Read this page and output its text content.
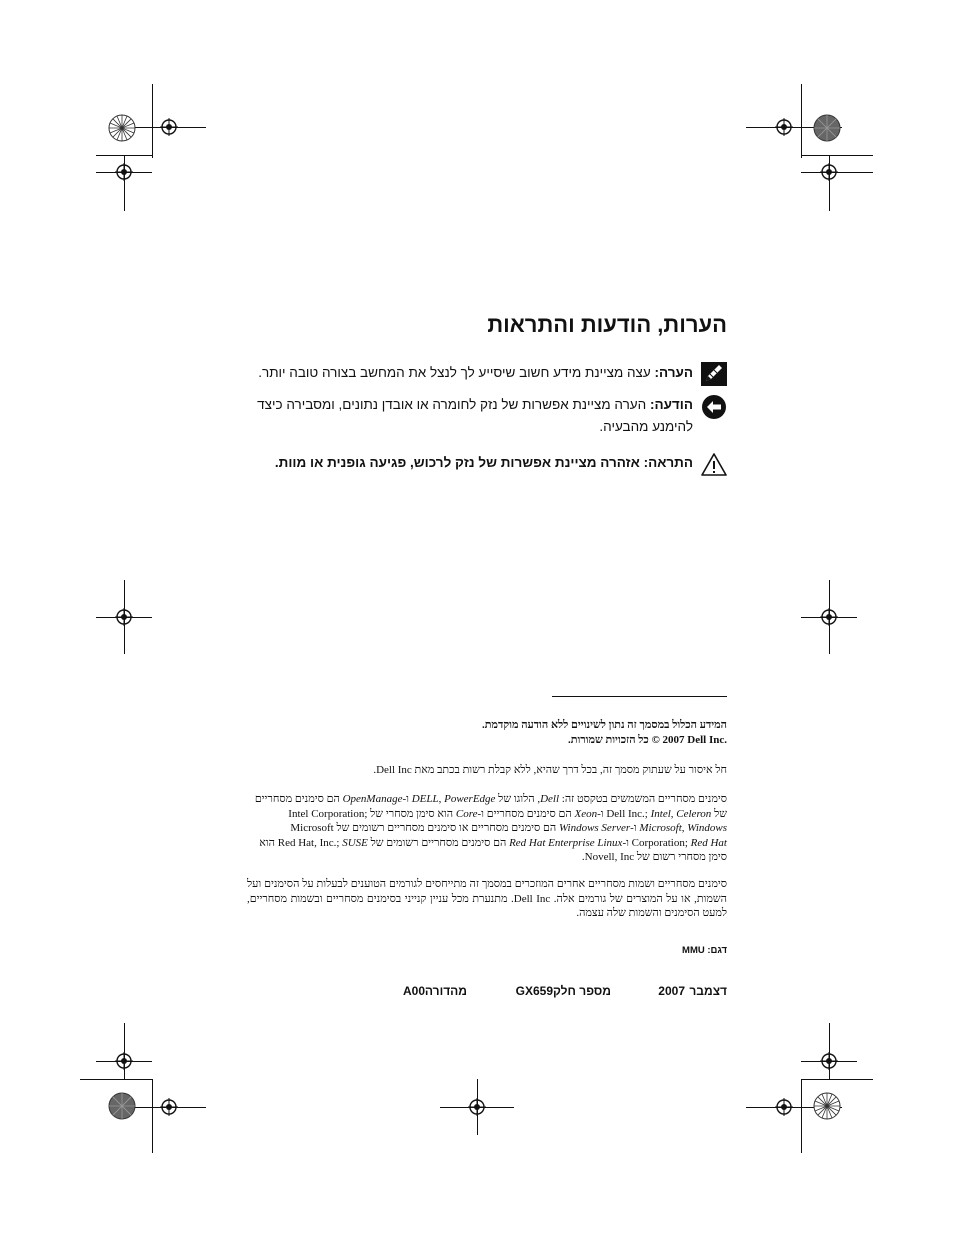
הערות, הודעות והתראות
הערה: עצה מציינת מידע חשוב שיסייע לך לנצל את המחשב בצורה טובה יותר.
הודעה: הערה מציינת אפשרות של נזק לחומרה או אובדן נתונים, ומסבירה כיצד להימנע מהבעיה.
התראה: אזהרה מציינת אפשרות של נזק לרכוש, פגיעה גופנית או מוות.
המידע הכלול במסמך זה נתון לשינויים ללא הודעה מוקדמת.
© 2007 Dell Inc. כל הזכויות שמורות.
חל איסור על שעתוק מסמך זה, בכל דרך שהיא, ללא קבלת רשות בכתב מאת Dell Inc.
סימנים מסחריים המשמשים בטקסט זה: Dell, הלוגו של DELL, PowerEdge ו-OpenManage הם סימנים מסחריים של Dell Inc.; Intel, Celeron ו-Xeon הם סימנים מסחריים ו-Core הוא סימן מסחרי של Intel Corporation; Microsoft, Windows ו-Windows Server הם סימנים מסחריים או סימנים מסחריים רשומים של Microsoft Corporation; Red Hat ו-Red Hat Enterprise Linux הם סימנים מסחריים רשומים של Red Hat, Inc.; SUSE הוא סימן מסחרי רשום של Novell, Inc.
סימנים מסחריים ושמות מסחריים אחרים המוזכרים במסמך זה מתייחסים לגורמים הטוענים לבעלות על הסימנים ועל השמות, או על המוצרים של גורמים אלה. Dell Inc. מתנערת מכל עניין קנייני בסימנים מסחריים ובשמות מסחריים, למעט הסימנים והשמות שלה עצמה.
דגם: MMU
דצמבר
2007
מספר חלק
GX659
מהדורה
A00
